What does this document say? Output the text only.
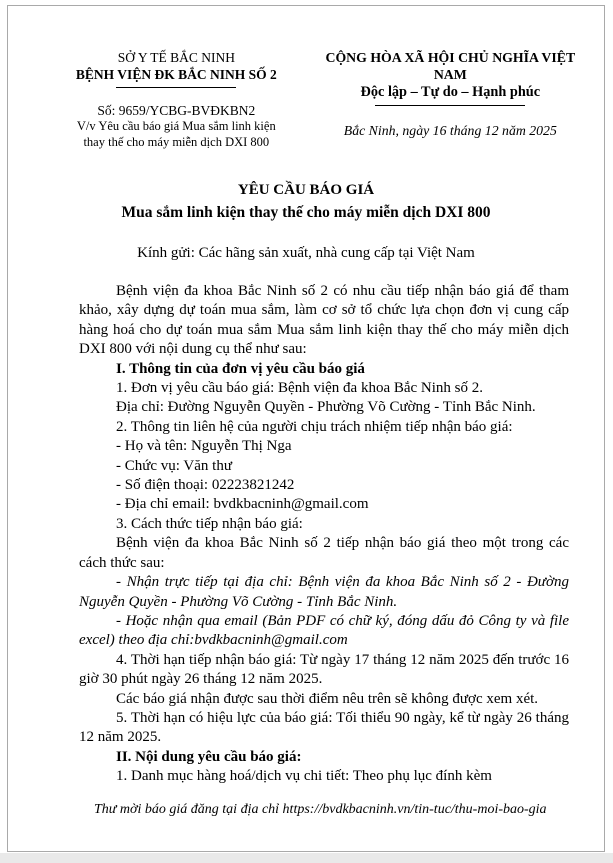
SỞ Y TẾ BẮC NINH
BỆNH VIỆN ĐK BẮC NINH SỐ 2
Số: 9659/YCBG-BVĐKBN2
V/v Yêu cầu báo giá Mua sắm linh kiện thay thế cho máy miễn dịch DXI 800
CỘNG HÒA XÃ HỘI CHỦ NGHĨA VIỆT NAM
Độc lập – Tự do – Hạnh phúc
Bắc Ninh, ngày 16 tháng 12 năm 2025
YÊU CẦU BÁO GIÁ
Mua sắm linh kiện thay thế cho máy miễn dịch DXI 800
Kính gửi: Các hãng sản xuất, nhà cung cấp tại Việt Nam

Bệnh viện đa khoa Bắc Ninh số 2 có nhu cầu tiếp nhận báo giá để tham khảo, xây dựng dự toán mua sắm, làm cơ sở tổ chức lựa chọn đơn vị cung cấp hàng hoá cho dự toán mua sắm Mua sắm linh kiện thay thế cho máy miễn dịch DXI 800 với nội dung cụ thể như sau:

I. Thông tin của đơn vị yêu cầu báo giá

1. Đơn vị yêu cầu báo giá: Bệnh viện đa khoa Bắc Ninh số 2.

Địa chỉ: Đường Nguyễn Quyền - Phường Võ Cường - Tỉnh Bắc Ninh.

2. Thông tin liên hệ của người chịu trách nhiệm tiếp nhận báo giá:

- Họ và tên: Nguyễn Thị Nga

- Chức vụ: Văn thư

- Số điện thoại: 02223821242

- Địa chỉ email: bvdkbacninh@gmail.com

3. Cách thức tiếp nhận báo giá:

Bệnh viện đa khoa Bắc Ninh số 2 tiếp nhận báo giá theo một trong các cách thức sau:

- Nhận trực tiếp tại địa chỉ: Bệnh viện đa khoa Bắc Ninh số 2 - Đường Nguyễn Quyền - Phường Võ Cường - Tỉnh Bắc Ninh.

- Hoặc nhận qua email (Bản PDF có chữ ký, đóng dấu đỏ Công ty và file excel) theo địa chỉ:bvdkbacninh@gmail.com

4. Thời hạn tiếp nhận báo giá: Từ ngày 17 tháng 12 năm 2025 đến trước 16 giờ 30 phút ngày 26 tháng 12 năm 2025.

Các báo giá nhận được sau thời điểm nêu trên sẽ không được xem xét.

5. Thời hạn có hiệu lực của báo giá: Tối thiểu 90 ngày, kể từ ngày 26 tháng 12 năm 2025.

II. Nội dung yêu cầu báo giá:

1. Danh mục hàng hoá/dịch vụ chi tiết: Theo phụ lục đính kèm

Thư mời báo giá đăng tại địa chỉ https://bvdkbacninh.vn/tin-tuc/thu-moi-bao-gia
